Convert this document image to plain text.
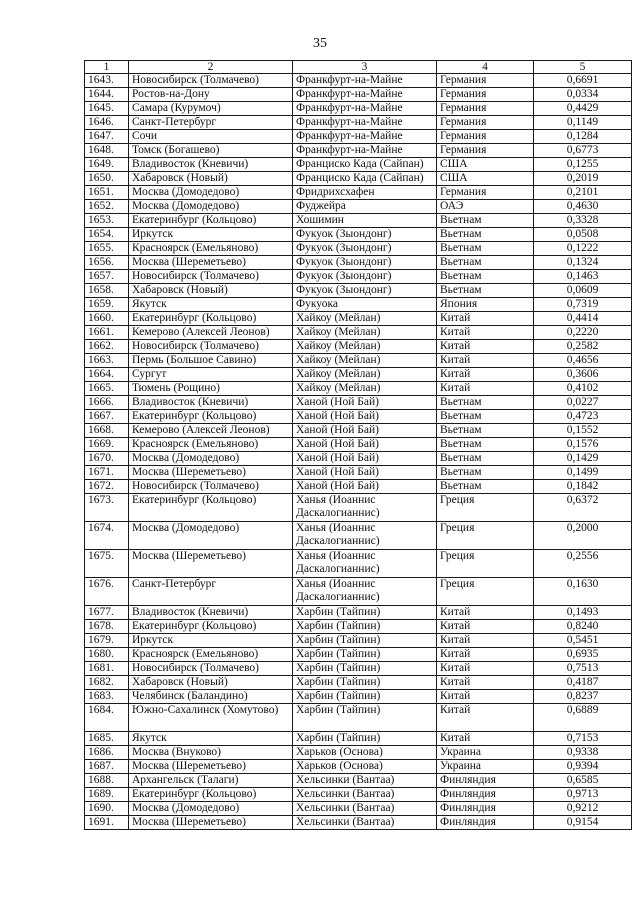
35
1	2	3	4	5
1643.	Новосибирск (Толмачево)	Франкфурт-на-Майне	Германия	0,6691
1644.	Ростов-на-Дону	Франкфурт-на-Майне	Германия	0,0334
1645.	Самара (Курумоч)	Франкфурт-на-Майне	Германия	0,4429
1646.	Санкт-Петербург	Франкфурт-на-Майне	Германия	0,1149
1647.	Сочи	Франкфурт-на-Майне	Германия	0,1284
1648.	Томск (Богашево)	Франкфурт-на-Майне	Германия	0,6773
1649.	Владивосток (Кневичи)	Франциско Када (Сайпан)	США	0,1255
1650.	Хабаровск (Новый)	Франциско Када (Сайпан)	США	0,2019
1651.	Москва (Домодедово)	Фридрихсхафен	Германия	0,2101
1652.	Москва (Домодедово)	Фуджейра	ОАЭ	0,4630
1653.	Екатеринбург (Кольцово)	Хошимин	Вьетнам	0,3328
1654.	Иркутск	Фукуок (Зыондонг)	Вьетнам	0,0508
1655.	Красноярск (Емельяново)	Фукуок (Зыондонг)	Вьетнам	0,1222
1656.	Москва (Шереметьево)	Фукуок (Зыондонг)	Вьетнам	0,1324
1657.	Новосибирск (Толмачево)	Фукуок (Зыондонг)	Вьетнам	0,1463
1658.	Хабаровск (Новый)	Фукуок (Зыондонг)	Вьетнам	0,0609
1659.	Якутск	Фукуока	Япония	0,7319
1660.	Екатеринбург (Кольцово)	Хайкоу (Мейлан)	Китай	0,4414
1661.	Кемерово (Алексей Леонов)	Хайкоу (Мейлан)	Китай	0,2220
1662.	Новосибирск (Толмачево)	Хайкоу (Мейлан)	Китай	0,2582
1663.	Пермь (Большое Савино)	Хайкоу (Мейлан)	Китай	0,4656
1664.	Сургут	Хайкоу (Мейлан)	Китай	0,3606
1665.	Тюмень (Рощино)	Хайкоу (Мейлан)	Китай	0,4102
1666.	Владивосток (Кневичи)	Ханой (Ной Бай)	Вьетнам	0,0227
1667.	Екатеринбург (Кольцово)	Ханой (Ной Бай)	Вьетнам	0,4723
1668.	Кемерово (Алексей Леонов)	Ханой (Ной Бай)	Вьетнам	0,1552
1669.	Красноярск (Емельяново)	Ханой (Ной Бай)	Вьетнам	0,1576
1670.	Москва (Домодедово)	Ханой (Ной Бай)	Вьетнам	0,1429
1671.	Москва (Шереметьево)	Ханой (Ной Бай)	Вьетнам	0,1499
1672.	Новосибирск (Толмачево)	Ханой (Ной Бай)	Вьетнам	0,1842
1673.	Екатеринбург (Кольцово)	Ханья (Иоаннис Даскалогианнис)	Греция	0,6372
1674.	Москва (Домодедово)	Ханья (Иоаннис Даскалогианнис)	Греция	0,2000
1675.	Москва (Шереметьево)	Ханья (Иоаннис Даскалогианнис)	Греция	0,2556
1676.	Санкт-Петербург	Ханья (Иоаннис Даскалогианнис)	Греция	0,1630
1677.	Владивосток (Кневичи)	Харбин (Тайпин)	Китай	0,1493
1678.	Екатеринбург (Кольцово)	Харбин (Тайпин)	Китай	0,8240
1679.	Иркутск	Харбин (Тайпин)	Китай	0,5451
1680.	Красноярск (Емельяново)	Харбин (Тайпин)	Китай	0,6935
1681.	Новосибирск (Толмачево)	Харбин (Тайпин)	Китай	0,7513
1682.	Хабаровск (Новый)	Харбин (Тайпин)	Китай	0,4187
1683.	Челябинск (Баландино)	Харбин (Тайпин)	Китай	0,8237
1684.	Южно-Сахалинск (Хомутово)	Харбин (Тайпин)	Китай	0,6889
1685.	Якутск	Харбин (Тайпин)	Китай	0,7153
1686.	Москва (Внуково)	Харьков (Основа)	Украина	0,9338
1687.	Москва (Шереметьево)	Харьков (Основа)	Украина	0,9394
1688.	Архангельск (Талаги)	Хельсинки (Вантаа)	Финляндия	0,6585
1689.	Екатеринбург (Кольцово)	Хельсинки (Вантаа)	Финляндия	0,9713
1690.	Москва (Домодедово)	Хельсинки (Вантаа)	Финляндия	0,9212
1691.	Москва (Шереметьево)	Хельсинки (Вантаа)	Финляндия	0,9154
